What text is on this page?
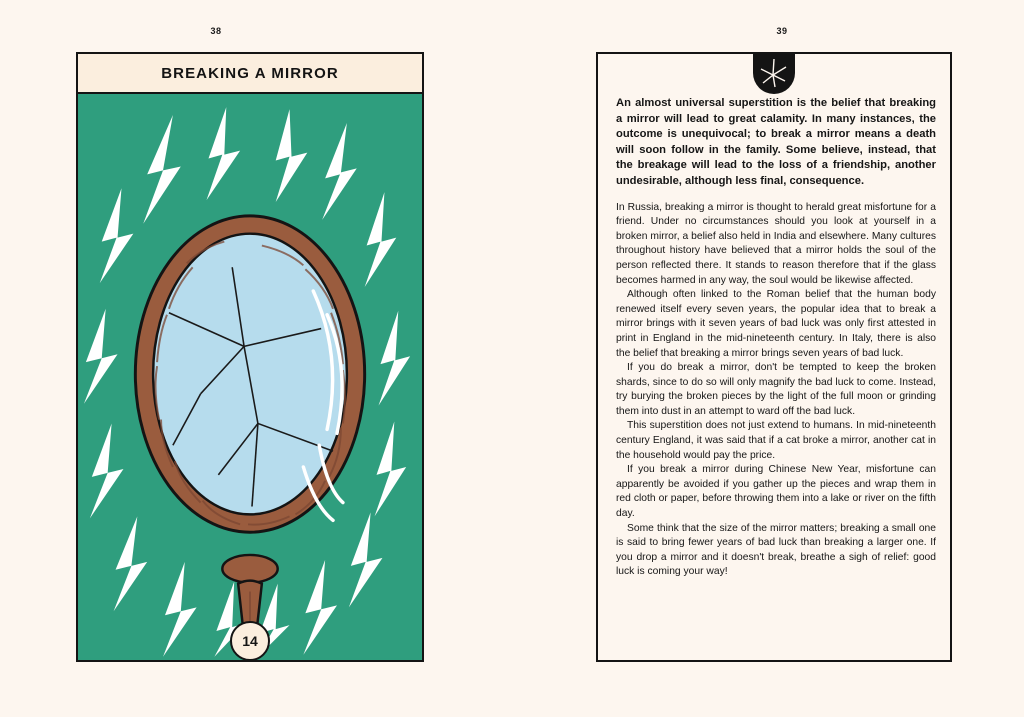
38
BREAKING A MIRROR
14
39

An almost universal superstition is the belief that breaking a mirror will lead to great calamity. In many instances, the outcome is unequivocal; to break a mirror means a death will soon follow in the family. Some believe, instead, that the breakage will lead to the loss of a friendship, another undesirable, although less final, consequence.

In Russia, breaking a mirror is thought to herald great misfortune for a friend. Under no circumstances should you look at yourself in a broken mirror, a belief also held in India and elsewhere. Many cultures throughout history have believed that a mirror holds the soul of the person reflected there. It stands to reason therefore that if the glass becomes harmed in any way, the soul would be likewise affected.

Although often linked to the Roman belief that the human body renewed itself every seven years, the popular idea that to break a mirror brings with it seven years of bad luck was only first attested in print in England in the mid-nineteenth century. In Italy, there is also the belief that breaking a mirror brings seven years of bad luck.

If you do break a mirror, don't be tempted to keep the broken shards, since to do so will only magnify the bad luck to come. Instead, try burying the broken pieces by the light of the full moon or grinding them into dust in an attempt to ward off the bad luck.

This superstition does not just extend to humans. In mid-nineteenth century England, it was said that if a cat broke a mirror, another cat in the household would pay the price.

If you break a mirror during Chinese New Year, misfortune can apparently be avoided if you gather up the pieces and wrap them in red cloth or paper, before throwing them into a lake or river on the fifth day.

Some think that the size of the mirror matters; breaking a small one is said to bring fewer years of bad luck than breaking a larger one. If you drop a mirror and it doesn't break, breathe a sigh of relief: good luck is coming your way!
